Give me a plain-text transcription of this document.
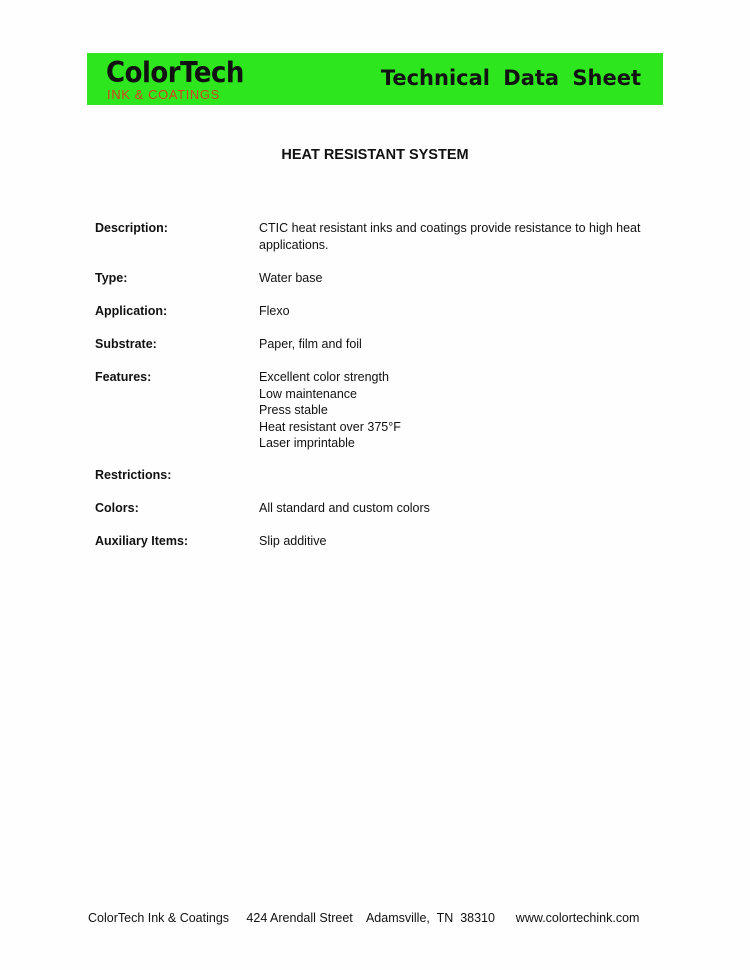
ColorTech
INK & COATINGS
Technical Data Sheet
HEAT RESISTANT SYSTEM
Description:	CTIC heat resistant inks and coatings provide resistance to high heat
applications.
Type:	Water base
Application:	Flexo
Substrate:	Paper, film and foil
Features:	Excellent color strength
Low maintenance
Press stable
Heat resistant over 375°F
Laser imprintable
Restrictions:
Colors:	All standard and custom colors
Auxiliary Items:	Slip additive
ColorTech Ink & Coatings 424 Arendall Street Adamsville,  TN  38310 www.colortechink.com
